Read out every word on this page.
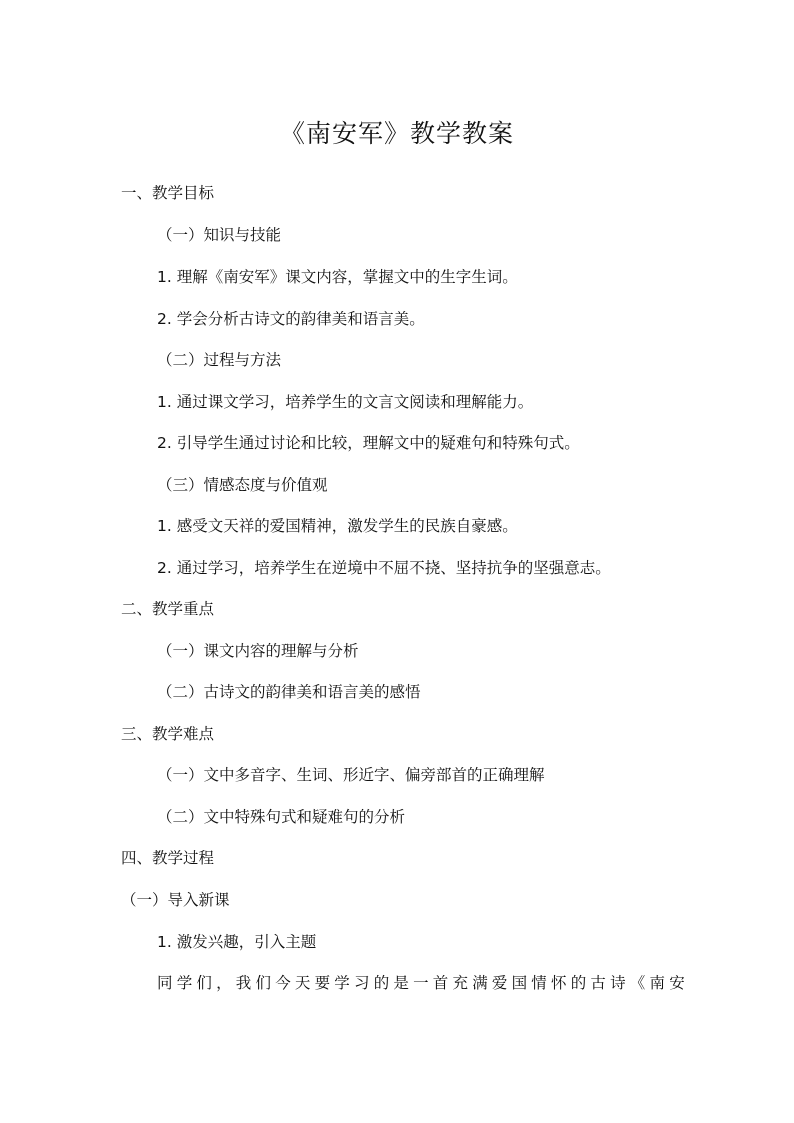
《南安军》教学教案
一、教学目标
（一）知识与技能
1. 理解《南安军》课文内容，掌握文中的生字生词。
2. 学会分析古诗文的韵律美和语言美。
（二）过程与方法
1. 通过课文学习，培养学生的文言文阅读和理解能力。
2. 引导学生通过讨论和比较，理解文中的疑难句和特殊句式。
（三）情感态度与价值观
1. 感受文天祥的爱国精神，激发学生的民族自豪感。
2. 通过学习，培养学生在逆境中不屈不挠、坚持抗争的坚强意志。
二、教学重点
（一）课文内容的理解与分析
（二）古诗文的韵律美和语言美的感悟
三、教学难点
（一）文中多音字、生词、形近字、偏旁部首的正确理解
（二）文中特殊句式和疑难句的分析
四、教学过程
（一）导入新课
1. 激发兴趣，引入主题
同学们，我们今天要学习的是一首充满爱国情怀的古诗《南安
